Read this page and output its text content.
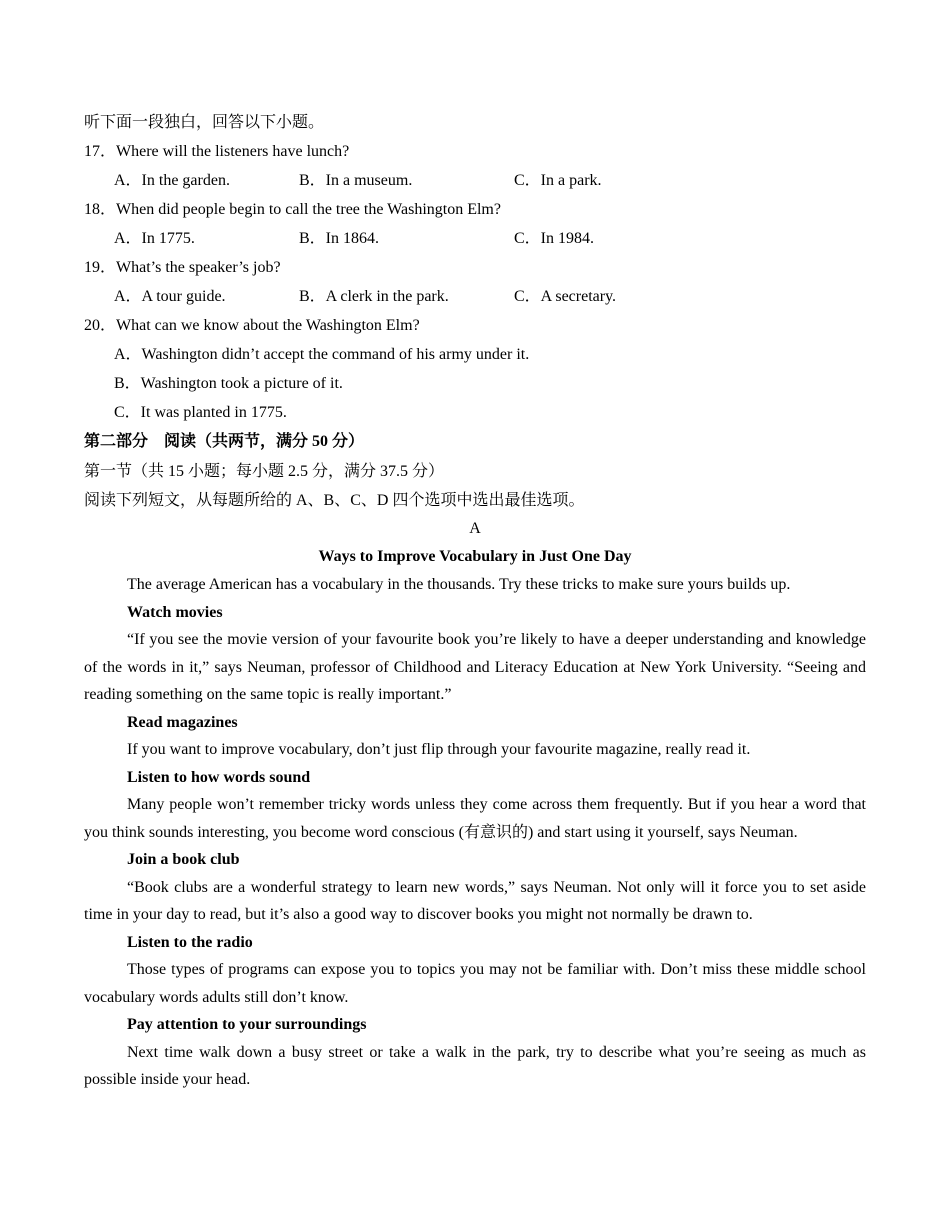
听下面一段独白，回答以下小题。
17．Where will the listeners have lunch?
A．In the garden.	B．In a museum.	C．In a park.
18．When did people begin to call the tree the Washington Elm?
A．In 1775.	B．In 1864.	C．In 1984.
19．What’s the speaker’s job?
A．A tour guide.	B．A clerk in the park.	C．A secretary.
20．What can we know about the Washington Elm?
A．Washington didn’t accept the command of his army under it.
B．Washington took a picture of it.
C．It was planted in 1775.
第二部分　阅读（共两节，满分 50 分）
第一节（共 15 小题；每小题 2.5 分，满分 37.5 分）
阅读下列短文，从每题所给的 A、B、C、D 四个选项中选出最佳选项。
A
Ways to Improve Vocabulary in Just One Day
The average American has a vocabulary in the thousands. Try these tricks to make sure yours builds up.
Watch movies

“If you see the movie version of your favourite book you’re likely to have a deeper understanding and knowledge of the words in it,” says Neuman, professor of Childhood and Literacy Education at New York University. “Seeing and reading something on the same topic is really important.”

Read magazines
If you want to improve vocabulary, don’t just flip through your favourite magazine, really read it.
Listen to how words sound

Many people won’t remember tricky words unless they come across them frequently. But if you hear a word that you think sounds interesting, you become word conscious (有意识的) and start using it yourself, says Neuman.

Join a book club

“Book clubs are a wonderful strategy to learn new words,” says Neuman. Not only will it force you to set aside time in your day to read, but it’s also a good way to discover books you might not normally be drawn to.

Listen to the radio

Those types of programs can expose you to topics you may not be familiar with. Don’t miss these middle school vocabulary words adults still don’t know.

Pay attention to your surroundings

Next time walk down a busy street or take a walk in the park, try to describe what you’re seeing as much as possible inside your head.
